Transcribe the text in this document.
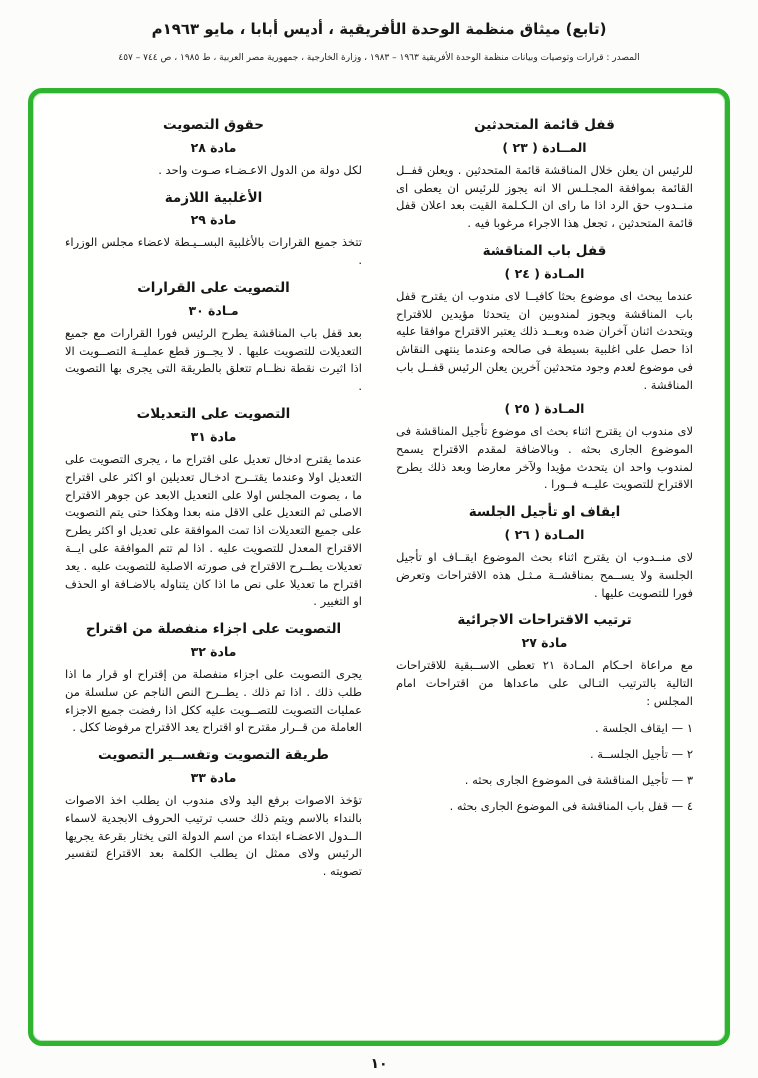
(تابع) ميثاق منظمة الوحدة الأفريقية ، أديس أبابا ، مايو ١٩٦٣م

المصدر : قرارات وتوصيات وبيانات منظمة الوحدة الأفريقية ١٩٦٣ – ١٩٨٣ ، وزارة الخارجية ، جمهورية مصر العربية ، ط ١٩٨٥ ، ص ٧٤٤ – ٤٥٧

قفل قائمة المتحدثين
المــادة ( ٢٣ )

للرئيس ان يعلن خلال المناقشة قائمة المتحدثين . ويعلن قفــل القائمة بموافقة المجـلـس الا انه يجوز للرئيس ان يعطى اى منــدوب حق الرد اذا ما راى ان الـكـلمة القيت بعد اعلان قفل قائمة المتحدثين ، تجعل هذا الاجراء مرغوبا فيه .

قفل باب المناقشة
المـادة ( ٢٤ )

عندما يبحث اى موضوع بحثا كافيــا لاى مندوب ان يقترح قفل باب المناقشة ويجوز لمندوبين ان يتحدثا مؤيدين للاقتراح ويتحدث اثنان آخران ضده وبعــد ذلك يعتبر الاقتراح موافقا عليه اذا حصل على اغلبية بسيطة فى صالحه وعندما ينتهى النقاش فى موضوع لعدم وجود متحدثين آخرين يعلن الرئيس قفــل باب المناقشة .

المـادة ( ٢٥ )

لاى مندوب ان يقترح اثناء بحث اى موضوع تأجيل المناقشة فى الموضوع الجارى بحثه . وبالاضافة لمقدم الاقتراح يسمح لمندوب واحد ان يتحدث مؤيدا ولآخر معارضا وبعد ذلك يطرح الاقتراح للتصويت عليــه فــورا .

ايقاف او تأجيل الجلسة
المـادة ( ٢٦ )

لاى منــدوب ان يقترح اثناء بحث الموضوع ايقــاف او تأجيل الجلسة ولا يســمح بمناقشــة مـثـل هذه الاقتراحات وتعرض فورا للتصويت عليها .

ترتيب الاقتراحات الاجرائية
مادة ٢٧

مع مراعاة احـكام المـادة ٢١ تعطى الاســبقية للاقتراحات التالية بالترتيب التـالى على ماعداها من اقتراحات امام المجلس :

١ — ايقاف الجلسة .

٢ — تأجيل الجلســة .

٣ — تأجيل المناقشة فى الموضوع الجارى بحثه .

٤ — قفل باب المناقشة فى الموضوع الجارى بحثه .

حقوق التصويت
مادة ٢٨

لكل دولة من الدول الاعـضـاء صـوت واحد .

الأغلبية اللازمة
مادة ٢٩

تتخذ جميع القرارات بالأغلبية البســيـطة لاعضاء مجلس الوزراء .

التصويت على القرارات
مـادة ٣٠

بعد قفل باب المناقشة يطرح الرئيس فورا القرارات مع جميع التعديلات للتصويت عليها . لا يجــوز قطع عمليــة التصــويت الا اذا اثيرت نقطة نظــام تتعلق بالطريقة التى يجرى بها التصويت .

التصويت على التعديلات
مادة ٣١

عندما يقترح ادخال تعديل على اقتراح ما ، يجرى التصويت على التعديل اولا وعندما يقتــرح ادخـال تعديلين او اكثر على اقتراح ما ، يصوت المجلس اولا على التعديل الابعد عن جوهر الاقتراح الاصلى ثم التعديل على الاقل منه بعدا وهكذا حتى يتم التصويت على جميع التعديلات اذا تمت الموافقة على تعديل او اكثر يطرح الاقتراح المعدل للتصويت عليه . اذا لم تتم الموافقة على ايــة تعديلات يطــرح الاقتراح فى صورته الاصلية للتصويت عليه . يعد اقتراح ما تعديلا على نص ما اذا كان يتناوله بالاضـافة او الحذف او التغيير .

التصويت على اجزاء منفصلة من اقتراح
مادة ٣٢

يجرى التصويت على اجزاء منفصلة من إقتراح او قرار ما اذا طلب ذلك . اذا تم ذلك . يطــرح النص الناجم عن سلسلة من عمليات التصويت للتصــويت عليه ككل اذا رفضت جميع الاجزاء العاملة من قــرار مقترح او اقتراح يعد الاقتراح مرفوضا ككل .

طريقة التصويت وتفســير التصويت
مادة ٣٣

تؤخذ الاصوات برفع اليد ولاى مندوب ان يطلب اخذ الاصوات بالنداء بالاسم ويتم ذلك حسب ترتيب الحروف الابجدية لاسماء الــدول الاعضـاء ابتداء من اسم الدولة التى يختار بقرعة يجريها الرئيس ولاى ممثل ان يطلب الكلمة بعد الاقتراع لتفسير تصويته .

١٠
